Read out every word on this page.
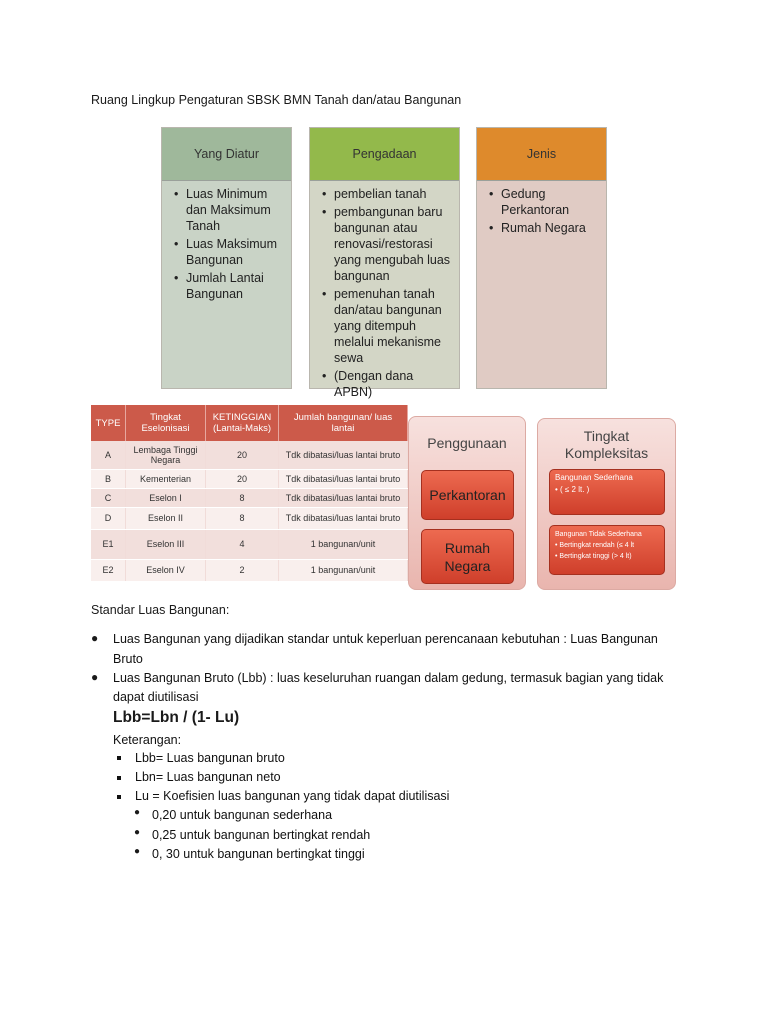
Ruang Lingkup Pengaturan SBSK BMN Tanah dan/atau Bangunan
Yang Diatur
• Luas Minimum dan Maksimum Tanah
• Luas Maksimum Bangunan
• Jumlah Lantai Bangunan
Pengadaan
• pembelian tanah
• pembangunan baru bangunan atau renovasi/restorasi yang mengubah luas bangunan
• pemenuhan tanah dan/atau bangunan yang ditempuh melalui mekanisme sewa
• (Dengan dana APBN)
Jenis
• Gedung Perkantoran
• Rumah Negara
TYPE	Tingkat Eselonisasi	KETINGGIAN (Lantai-Maks)	Jumlah bangunan/ luas lantai
A	Lembaga Tinggi Negara	20	Tdk dibatasi/luas lantai bruto
B	Kementerian	20	Tdk dibatasi/luas lantai bruto
C	Eselon I	8	Tdk dibatasi/luas lantai bruto
D	Eselon II	8	Tdk dibatasi/luas lantai bruto
E1	Eselon III	4	1 bangunan/unit
E2	Eselon IV	2	1 bangunan/unit
Penggunaan
Perkantoran
Rumah Negara
Tingkat Kompleksitas
Bangunan Sederhana
• ( ≤ 2 lt. )
Bangunan Tidak Sederhana
• Bertingkat rendah (≤ 4 lt
• Bertingkat tinggi (> 4 lt)
Standar Luas Bangunan:
● Luas Bangunan yang dijadikan standar untuk keperluan perencanaan kebutuhan : Luas Bangunan
Bruto
● Luas Bangunan Bruto (Lbb) : luas keseluruhan ruangan dalam gedung, termasuk bagian yang tidak
dapat diutilisasi
Lbb=Lbn / (1- Lu)
Keterangan:
Lbb= Luas bangunan bruto
Lbn= Luas bangunan neto
Lu = Koefisien luas bangunan yang tidak dapat diutilisasi
● 0,20 untuk bangunan sederhana
● 0,25 untuk bangunan bertingkat rendah
● 0, 30 untuk bangunan bertingkat tinggi
